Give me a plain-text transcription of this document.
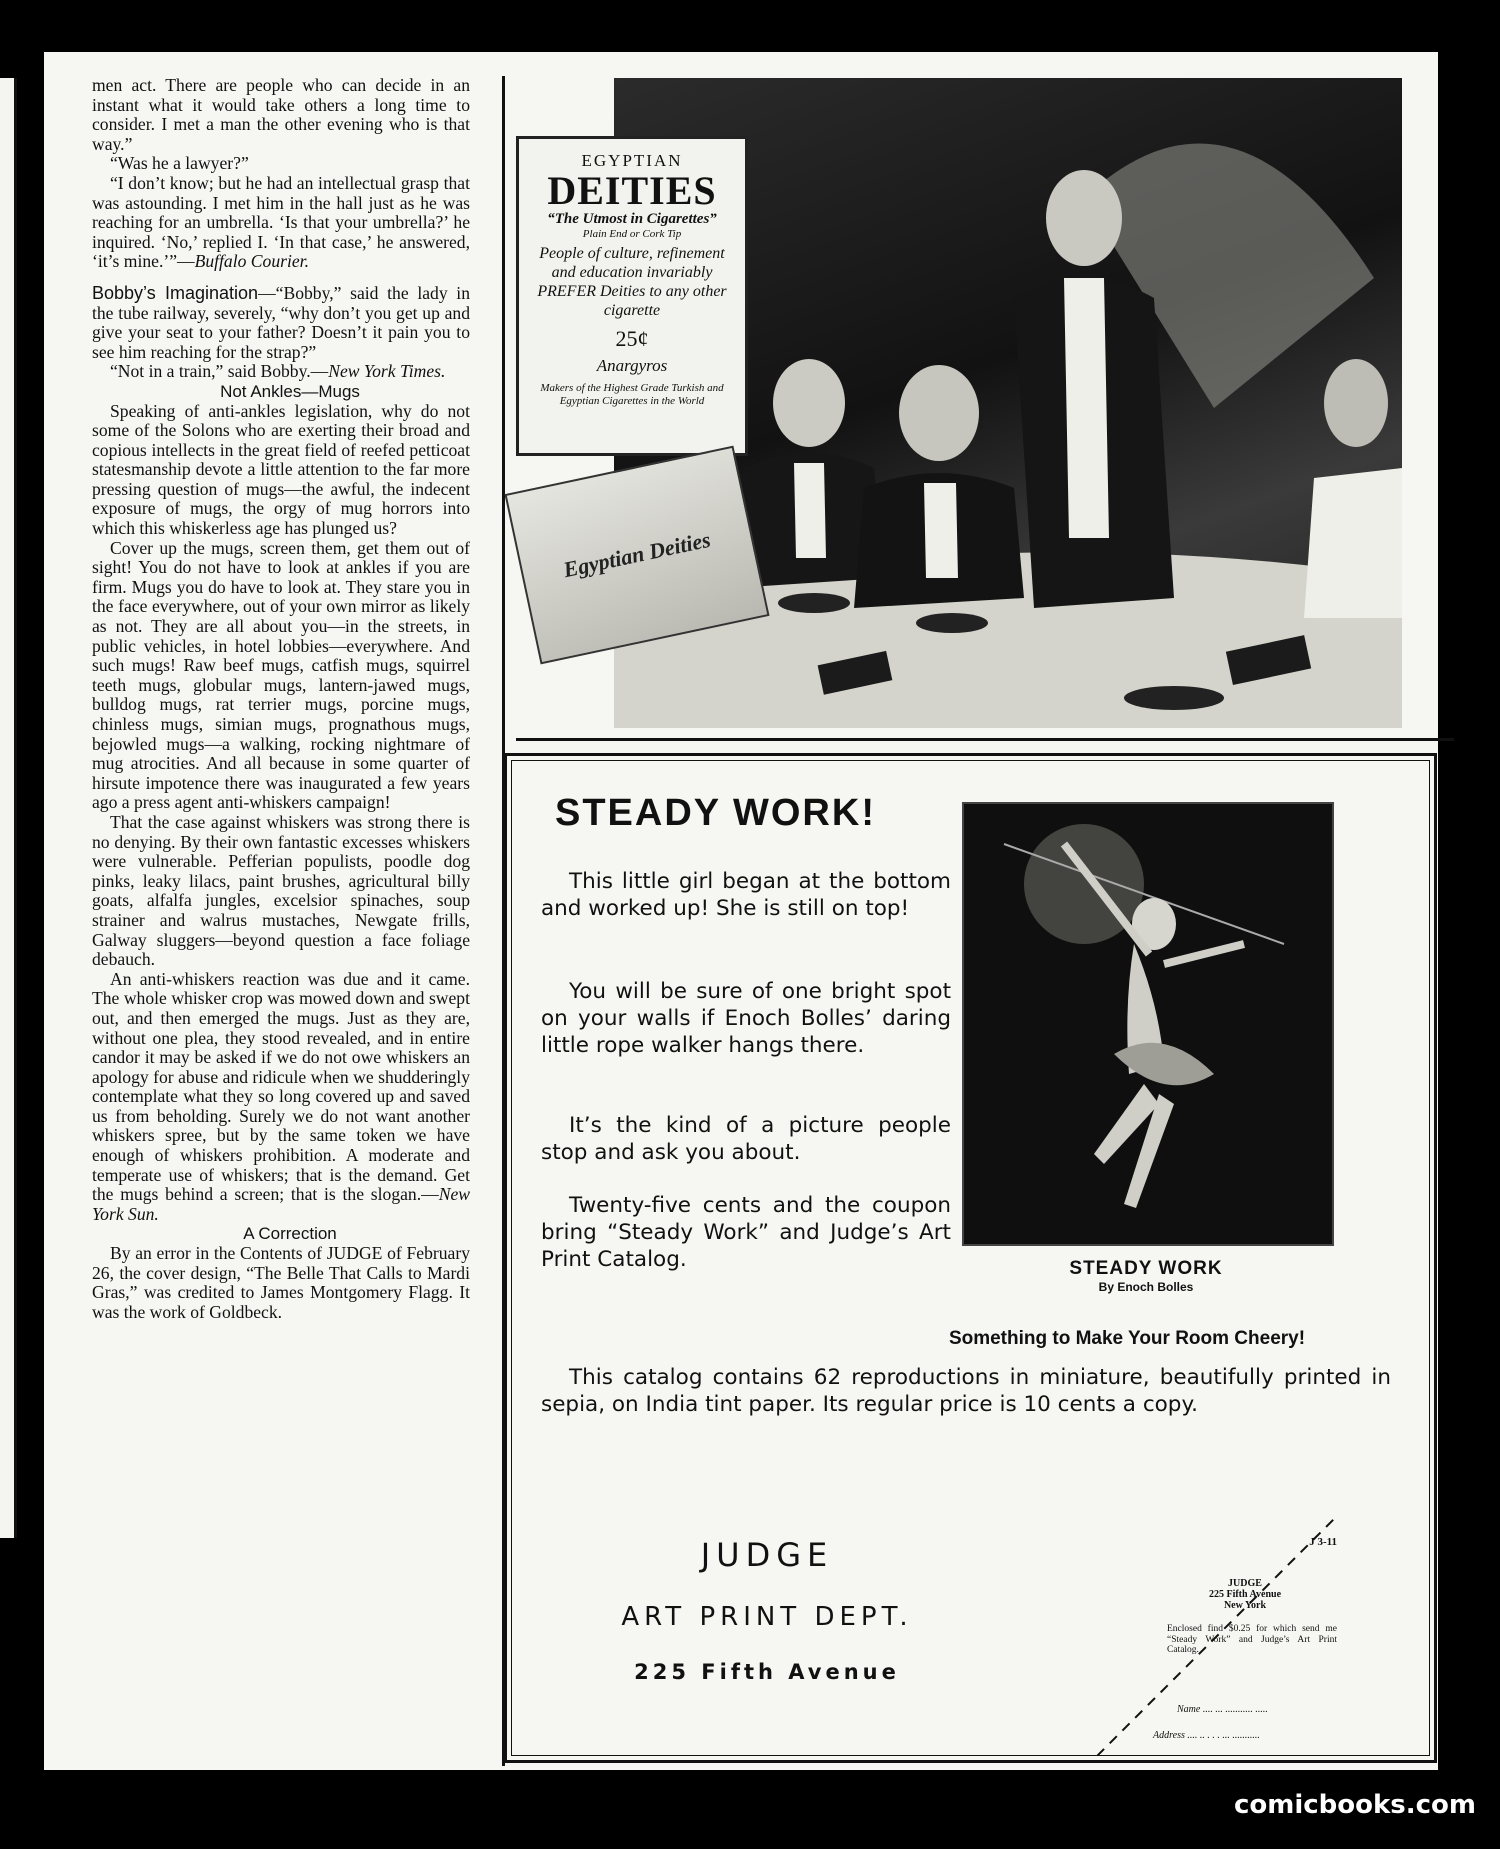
men act. There are people who can decide in an instant what it would take others a long time to consider. I met a man the other evening who is that way.”

“Was he a lawyer?”

“I don’t know; but he had an intellectual grasp that was astounding. I met him in the hall just as he was reaching for an umbrella. ‘Is that your umbrella?’ he inquired. ‘No,’ replied I. ‘In that case,’ he answered, ‘it’s mine.’”—Buffalo Courier.

Bobby’s Imagination—“Bobby,” said the lady in the tube railway, severely, “why don’t you get up and give your seat to your father? Doesn’t it pain you to see him reaching for the strap?”

“Not in a train,” said Bobby.—New York Times.

Not Ankles—Mugs

Speaking of anti-ankles legislation, why do not some of the Solons who are exerting their broad and copious intellects in the great field of reefed petticoat statesmanship devote a little attention to the far more pressing question of mugs—the awful, the indecent exposure of mugs, the orgy of mug horrors into which this whiskerless age has plunged us?

Cover up the mugs, screen them, get them out of sight! You do not have to look at ankles if you are firm. Mugs you do have to look at. They stare you in the face everywhere, out of your own mirror as likely as not. They are all about you—in the streets, in public vehicles, in hotel lobbies—everywhere. And such mugs! Raw beef mugs, catfish mugs, squirrel teeth mugs, globular mugs, lantern-jawed mugs, bulldog mugs, rat terrier mugs, porcine mugs, chinless mugs, simian mugs, prognathous mugs, bejowled mugs—a walking, rocking nightmare of mug atrocities. And all because in some quarter of hirsute impotence there was inaugurated a few years ago a press agent anti-whiskers campaign!

That the case against whiskers was strong there is no denying. By their own fantastic excesses whiskers were vulnerable. Pefferian populists, poodle dog pinks, leaky lilacs, paint brushes, agricultural billy goats, alfalfa jungles, excelsior spinaches, soup strainer and walrus mustaches, Newgate frills, Galway sluggers—beyond question a face foliage debauch.

An anti-whiskers reaction was due and it came. The whole whisker crop was mowed down and swept out, and then emerged the mugs. Just as they are, without one plea, they stood revealed, and in entire candor it may be asked if we do not owe whiskers an apology for abuse and ridicule when we shudderingly contemplate what they so long covered up and saved us from beholding. Surely we do not want another whiskers spree, but by the same token we have enough of whiskers prohibition. A moderate and temperate use of whiskers; that is the demand. Get the mugs behind a screen; that is the slogan.—New York Sun.

A Correction

By an error in the Contents of JUDGE of February 26, the cover design, “The Belle That Calls to Mardi Gras,” was credited to James Montgomery Flagg. It was the work of Goldbeck.

EGYPTIAN
DEITIES
“The Utmost in Cigarettes”
Plain End or Cork Tip
People of culture, refinement and education invariably PREFER Deities to any other cigarette
25¢
Anargyros
Makers of the Highest Grade Turkish and Egyptian Cigarettes in the World
Egyptian Deities
STEADY WORK!
This little girl began at the bottom and worked up! She is still on top!
You will be sure of one bright spot on your walls if Enoch Bolles’ daring little rope walker hangs there.
It’s the kind of a picture people stop and ask you about.
Twenty-five cents and the coupon bring “Steady Work” and Judge’s Art Print Catalog.	STEADY WORK
By Enoch Bolles
Something to Make Your Room Cheery!
This catalog contains 62 reproductions in miniature, beautifully printed in sepia, on India tint paper. Its regular price is 10 cents a copy.
JUDGE
ART PRINT DEPT.
225 Fifth Avenue
J 3-11
JUDGE
225 Fifth Avenue
New York
Enclosed find $0.25 for which send me “Steady Work” and Judge’s Art Print Catalog.
Name .... ... ........... .....
Address .... .. . . . ... ...........
comicbooks.com
